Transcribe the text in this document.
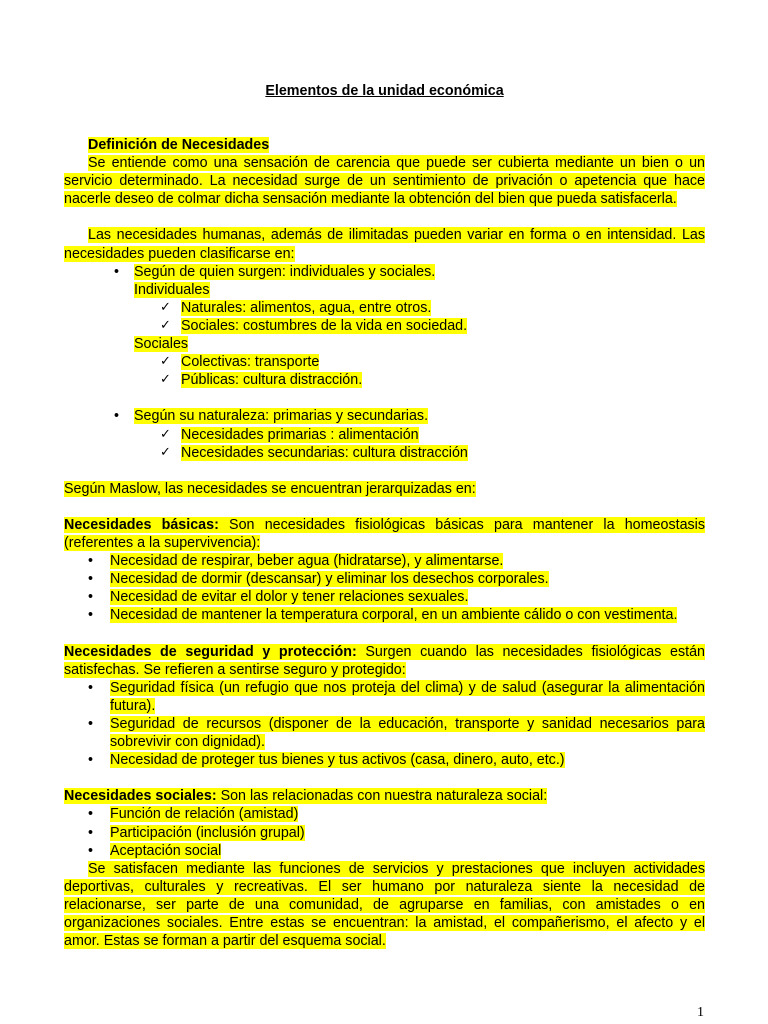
Elementos de la unidad económica

Definición de Necesidades

Se entiende como una sensación de carencia que puede ser cubierta mediante un bien o un servicio determinado. La necesidad surge de un sentimiento de privación o apetencia que hace nacerle deseo de colmar dicha sensación mediante la obtención del bien que pueda satisfacerla.

Las necesidades humanas, además de ilimitadas pueden variar en forma o en intensidad. Las necesidades pueden clasificarse en:

• Según de quien surgen: individuales y sociales.

Individuales

✓ Naturales: alimentos, agua, entre otros.
✓ Sociales: costumbres de la vida en sociedad.

Sociales

✓ Colectivas: transporte
✓ Públicas: cultura distracción.
• Según su naturaleza: primarias y secundarias.
✓ Necesidades primarias : alimentación
✓ Necesidades secundarias: cultura distracción

Según Maslow, las necesidades se encuentran jerarquizadas en:

Necesidades básicas: Son necesidades fisiológicas básicas para mantener la homeostasis (referentes a la supervivencia):

• Necesidad de respirar, beber agua (hidratarse), y alimentarse.
• Necesidad de dormir (descansar) y eliminar los desechos corporales.
• Necesidad de evitar el dolor y tener relaciones sexuales.
• Necesidad de mantener la temperatura corporal, en un ambiente cálido o con vestimenta.

Necesidades de seguridad y protección: Surgen cuando las necesidades fisiológicas están satisfechas. Se refieren a sentirse seguro y protegido:

• Seguridad física (un refugio que nos proteja del clima) y de salud (asegurar la alimentación futura).
• Seguridad de recursos (disponer de la educación, transporte y sanidad necesarios para sobrevivir con dignidad).
• Necesidad de proteger tus bienes y tus activos (casa, dinero, auto, etc.)

Necesidades sociales: Son las relacionadas con nuestra naturaleza social:

• Función de relación (amistad)
• Participación (inclusión grupal)
• Aceptación social

Se satisfacen mediante las funciones de servicios y prestaciones que incluyen actividades deportivas, culturales y recreativas. El ser humano por naturaleza siente la necesidad de relacionarse, ser parte de una comunidad, de agruparse en familias, con amistades o en organizaciones sociales. Entre estas se encuentran: la amistad, el compañerismo, el afecto y el amor. Estas se forman a partir del esquema social.

1
